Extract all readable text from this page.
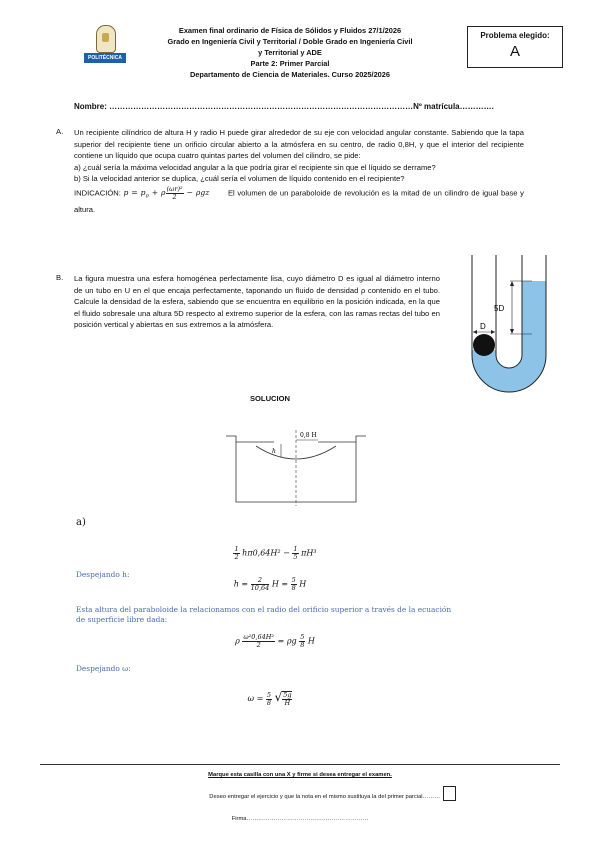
POLITÉCNICA
Examen final ordinario de Física de Sólidos y Fluidos 27/1/2026
Grado en Ingeniería Civil y Territorial / Doble Grado en Ingeniería Civil
y Territorial y ADE
Parte 2: Primer Parcial
Departamento de Ciencia de Materiales. Curso 2025/2026
Problema elegido:
A
Nombre: ……………………………………………………………………………………………………Nº matrícula………….
A. Un recipiente cilíndrico de altura H y radio H puede girar alrededor de su eje con velocidad angular constante. Sabiendo que la tapa superior del recipiente tiene un orificio circular abierto a la atmósfera en su centro, de radio 0,8H, y que el interior del recipiente contiene un líquido que ocupa cuatro quintas partes del volumen del cilindro, se pide:
a) ¿cuál sería la máxima velocidad angular a la que podría girar el recipiente sin que el líquido se derrame?
b) Si la velocidad anterior se duplica, ¿cuál sería el volumen de líquido contenido en el recipiente?
INDICACIÓN: $p = p_0 + \rho \frac{\text{(ωr)²}}{2} - \rho gz$ El volumen de un paraboloide de revolución es la mitad de un cilindro de igual base y altura.
B. La figura muestra una esfera homogénea perfectamente lisa, cuyo diámetro D es igual al diámetro interno de un tubo en U en el que encaja perfectamente, taponando un fluido de densidad ρ contenido en el tubo. Calcule la densidad de la esfera, sabiendo que se encuentra en equilibrio en la posición indicada, en la que el fluido sobresale una altura 5D respecto al extremo superior de la esfera, con las ramas rectas del tubo en posición vertical y abiertas en sus extremos a la atmósfera.
5D
D
SOLUCION
0,8 H
h
a)
$\frac{1}{2} h\pi 0,64H^2 - \frac{1}{5} \pi H^3$
Despejando h:
$h = \frac{2}{10,64}$ $H = \frac{5}{8}$ H
Esta altura del paraboloide la relacionamos con el radio del orificio superior a través de la ecuación de superficie libre dada:
ρ $\frac{\text{ω²0,64H²}}{2} = \rho g \frac{5}{8}$ H
Despejando ω:
$\omega = \frac{5}{8}$ √ $\frac{5g}{H}$
Marque esta casilla con una X y firme si desea entregar el examen.
Deseo entregar el ejercicio y que la nota en el mismo sustituya la del primer parcial………
Firma………………………………………………………
